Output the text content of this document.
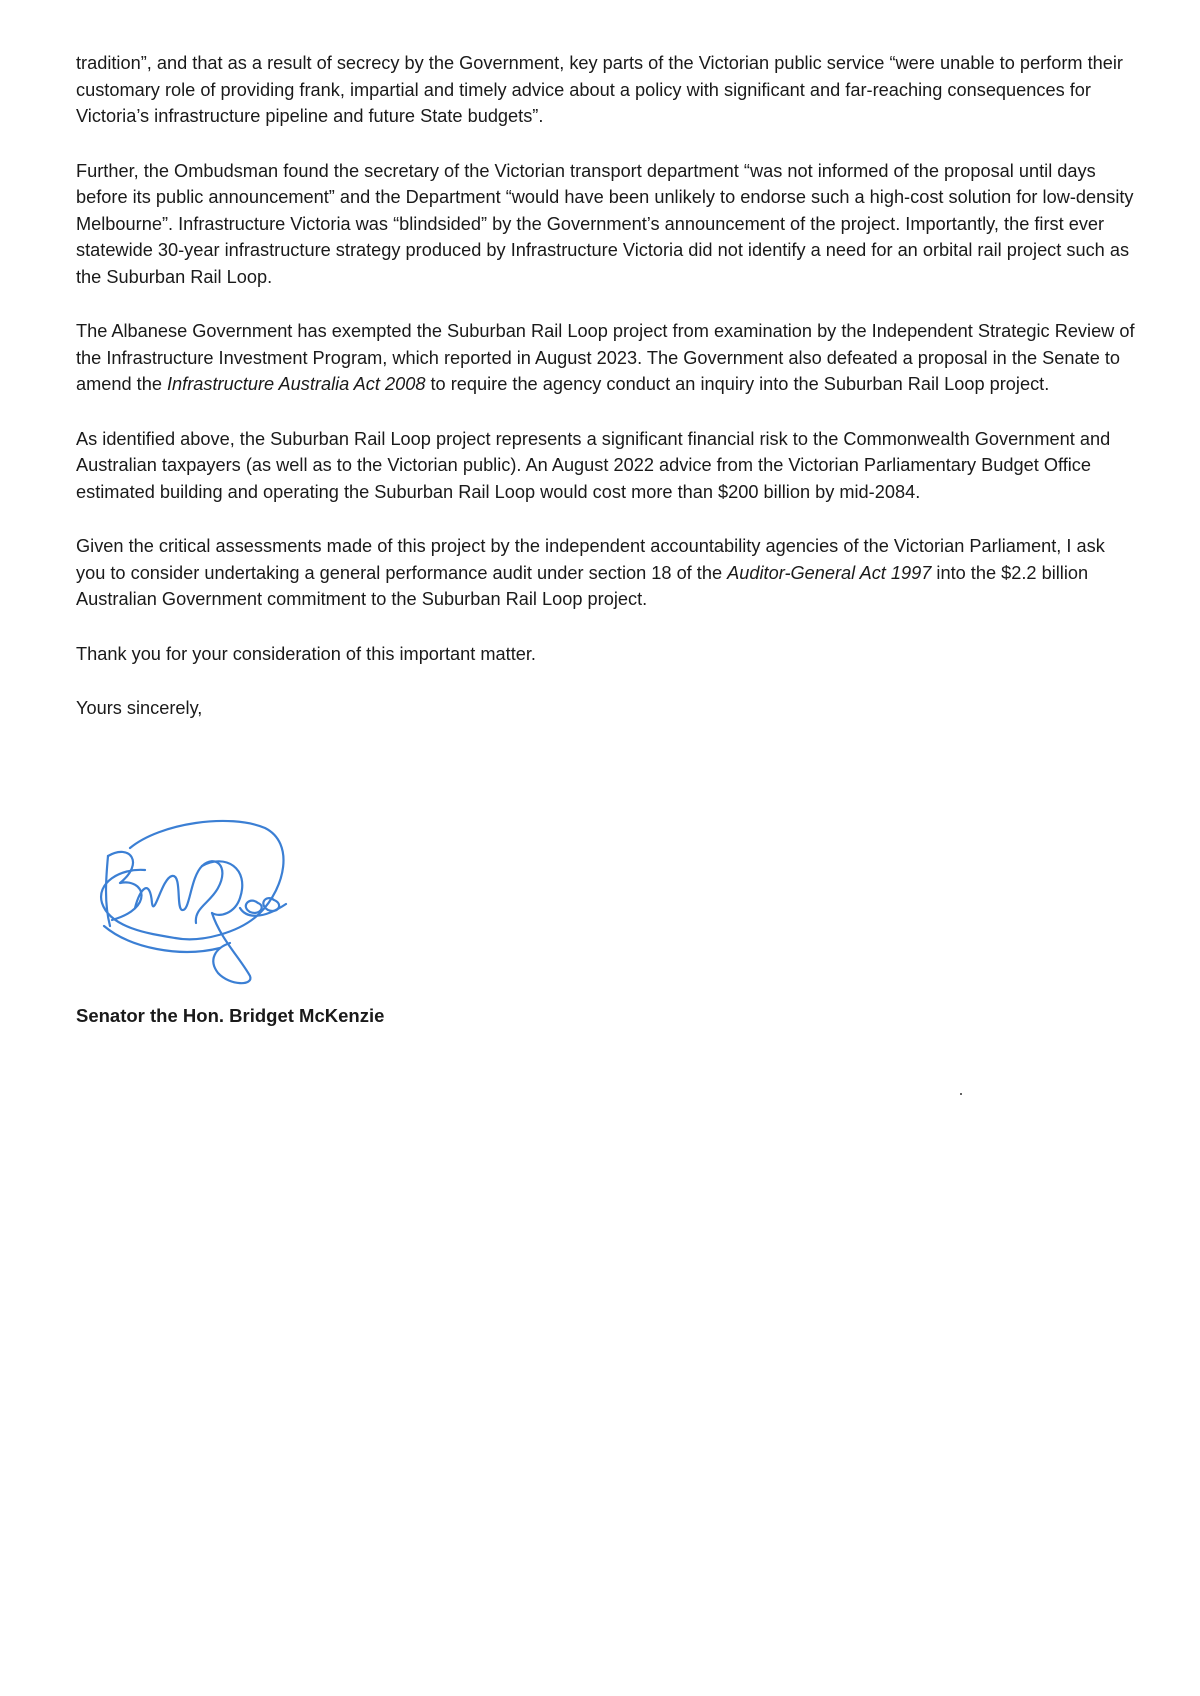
tradition”, and that as a result of secrecy by the Government, key parts of the Victorian public service “were unable to perform their customary role of providing frank, impartial and timely advice about a policy with significant and far-reaching consequences for Victoria’s infrastructure pipeline and future State budgets”.

Further, the Ombudsman found the secretary of the Victorian transport department “was not informed of the proposal until days before its public announcement” and the Department “would have been unlikely to endorse such a high-cost solution for low-density Melbourne”. Infrastructure Victoria was “blindsided” by the Government’s announcement of the project. Importantly, the first ever statewide 30-year infrastructure strategy produced by Infrastructure Victoria did not identify a need for an orbital rail project such as the Suburban Rail Loop.

The Albanese Government has exempted the Suburban Rail Loop project from examination by the Independent Strategic Review of the Infrastructure Investment Program, which reported in August 2023. The Government also defeated a proposal in the Senate to amend the Infrastructure Australia Act 2008 to require the agency conduct an inquiry into the Suburban Rail Loop project.

As identified above, the Suburban Rail Loop project represents a significant financial risk to the Commonwealth Government and Australian taxpayers (as well as to the Victorian public). An August 2022 advice from the Victorian Parliamentary Budget Office estimated building and operating the Suburban Rail Loop would cost more than $200 billion by mid-2084.

Given the critical assessments made of this project by the independent accountability agencies of the Victorian Parliament, I ask you to consider undertaking a general performance audit under section 18 of the Auditor-General Act 1997 into the $2.2 billion Australian Government commitment to the Suburban Rail Loop project.

Thank you for your consideration of this important matter.

Yours sincerely,

Senator the Hon. Bridget McKenzie
